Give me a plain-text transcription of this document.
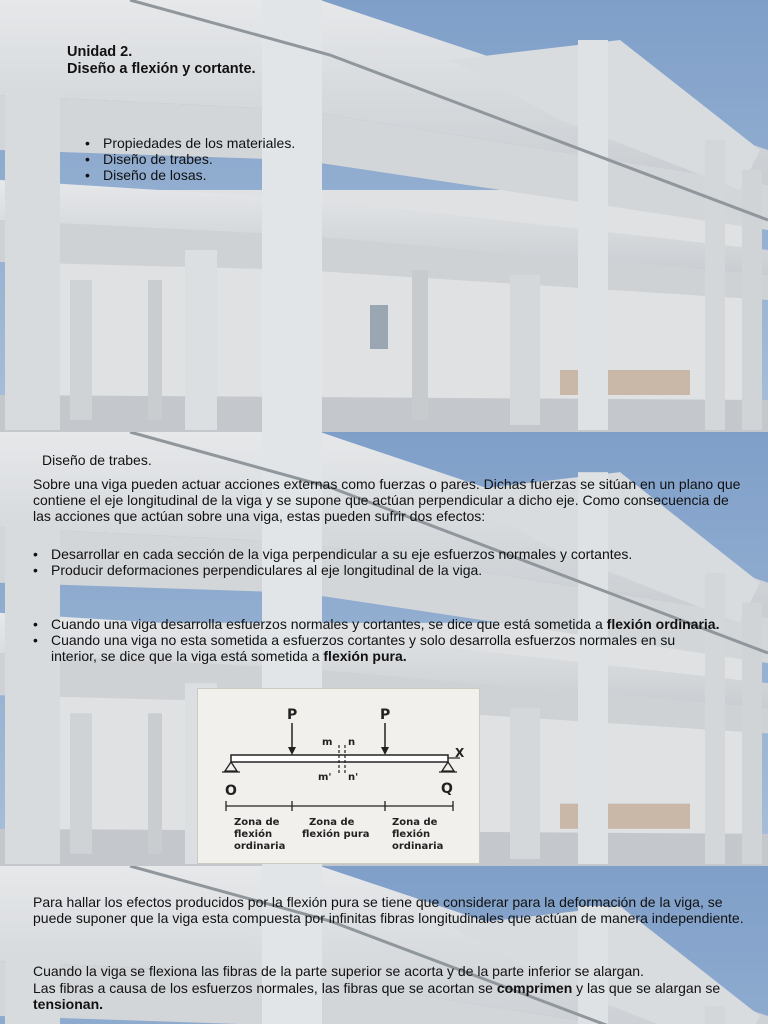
Unidad 2.
Diseño a flexión y cortante.
• Propiedades de los materiales.
• Diseño de trabes.
• Diseño de losas.
Diseño de trabes.
Sobre una viga pueden actuar acciones externas como fuerzas o pares. Dichas fuerzas se sitúan en un plano que contiene el eje longitudinal de la viga y se supone que actúan perpendicular a dicho eje. Como consecuencia de las acciones que actúan sobre una viga, estas pueden sufrir dos efectos:
• Desarrollar en cada sección de la viga perpendicular a su eje esfuerzos normales y cortantes.
• Producir deformaciones perpendiculares al eje longitudinal de la viga.
• Cuando una viga desarrolla esfuerzos normales y cortantes, se dice que está sometida a flexión ordinaria.
• Cuando una viga no esta sometida a esfuerzos cortantes y solo desarrolla esfuerzos normales en su interior, se dice que la viga está sometida a flexión pura.
X
P	P
m n
m' n'
O	Q
Zona de
flexión
ordinaria
Zona de
flexión pura
Zona de
flexión
ordinaria
Para hallar los efectos producidos por la flexión pura se tiene que considerar para la deformación de la viga, se puede suponer que la viga esta compuesta por infinitas fibras longitudinales que actúan de manera independiente.
Cuando la viga se flexiona las fibras de la parte superior se acorta y de la parte inferior se alargan.
Las fibras a causa de los esfuerzos normales, las fibras que se acortan se comprimen y las que se alargan se tensionan.
